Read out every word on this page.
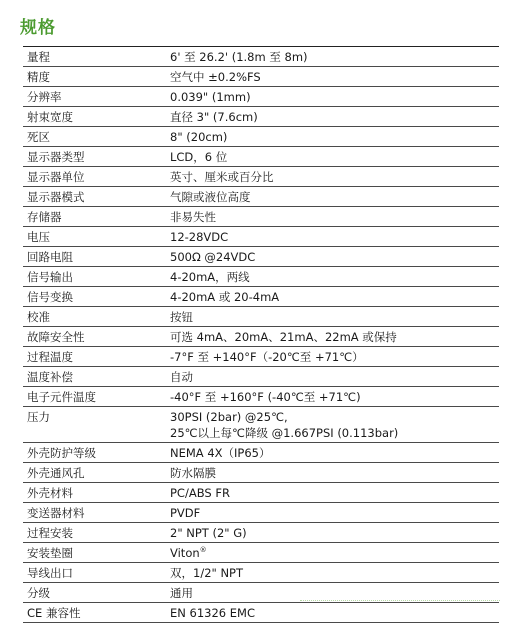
规格
量程	6' 至 26.2' (1.8m 至 8m)
精度	空气中 ±0.2%FS
分辨率	0.039" (1mm)
射束宽度	直径 3" (7.6cm)
死区	8" (20cm)
显示器类型	LCD，6 位
显示器单位	英寸、厘米或百分比
显示器模式	气隙或液位高度
存储器	非易失性
电压	12-28VDC
回路电阻	500Ω @24VDC
信号输出	4-20mA，两线
信号变换	4-20mA 或 20-4mA
校准	按钮
故障安全性	可选 4mA、20mA、21mA、22mA 或保持
过程温度	-7°F 至 +140°F（-20℃至 +71℃）
温度补偿	自动
电子元件温度	-40°F 至 +160°F (-40℃至 +71℃)
压力	30PSI (2bar) @25℃,
25℃以上每℃降级 @1.667PSI (0.113bar)
外壳防护等级	NEMA 4X（IP65）
外壳通风孔	防水隔膜
外壳材料	PC/ABS FR
变送器材料	PVDF
过程安装	2" NPT (2" G)
安装垫圈	Viton®
导线出口	双，1/2" NPT
分级	通用
CE 兼容性	EN 61326 EMC
